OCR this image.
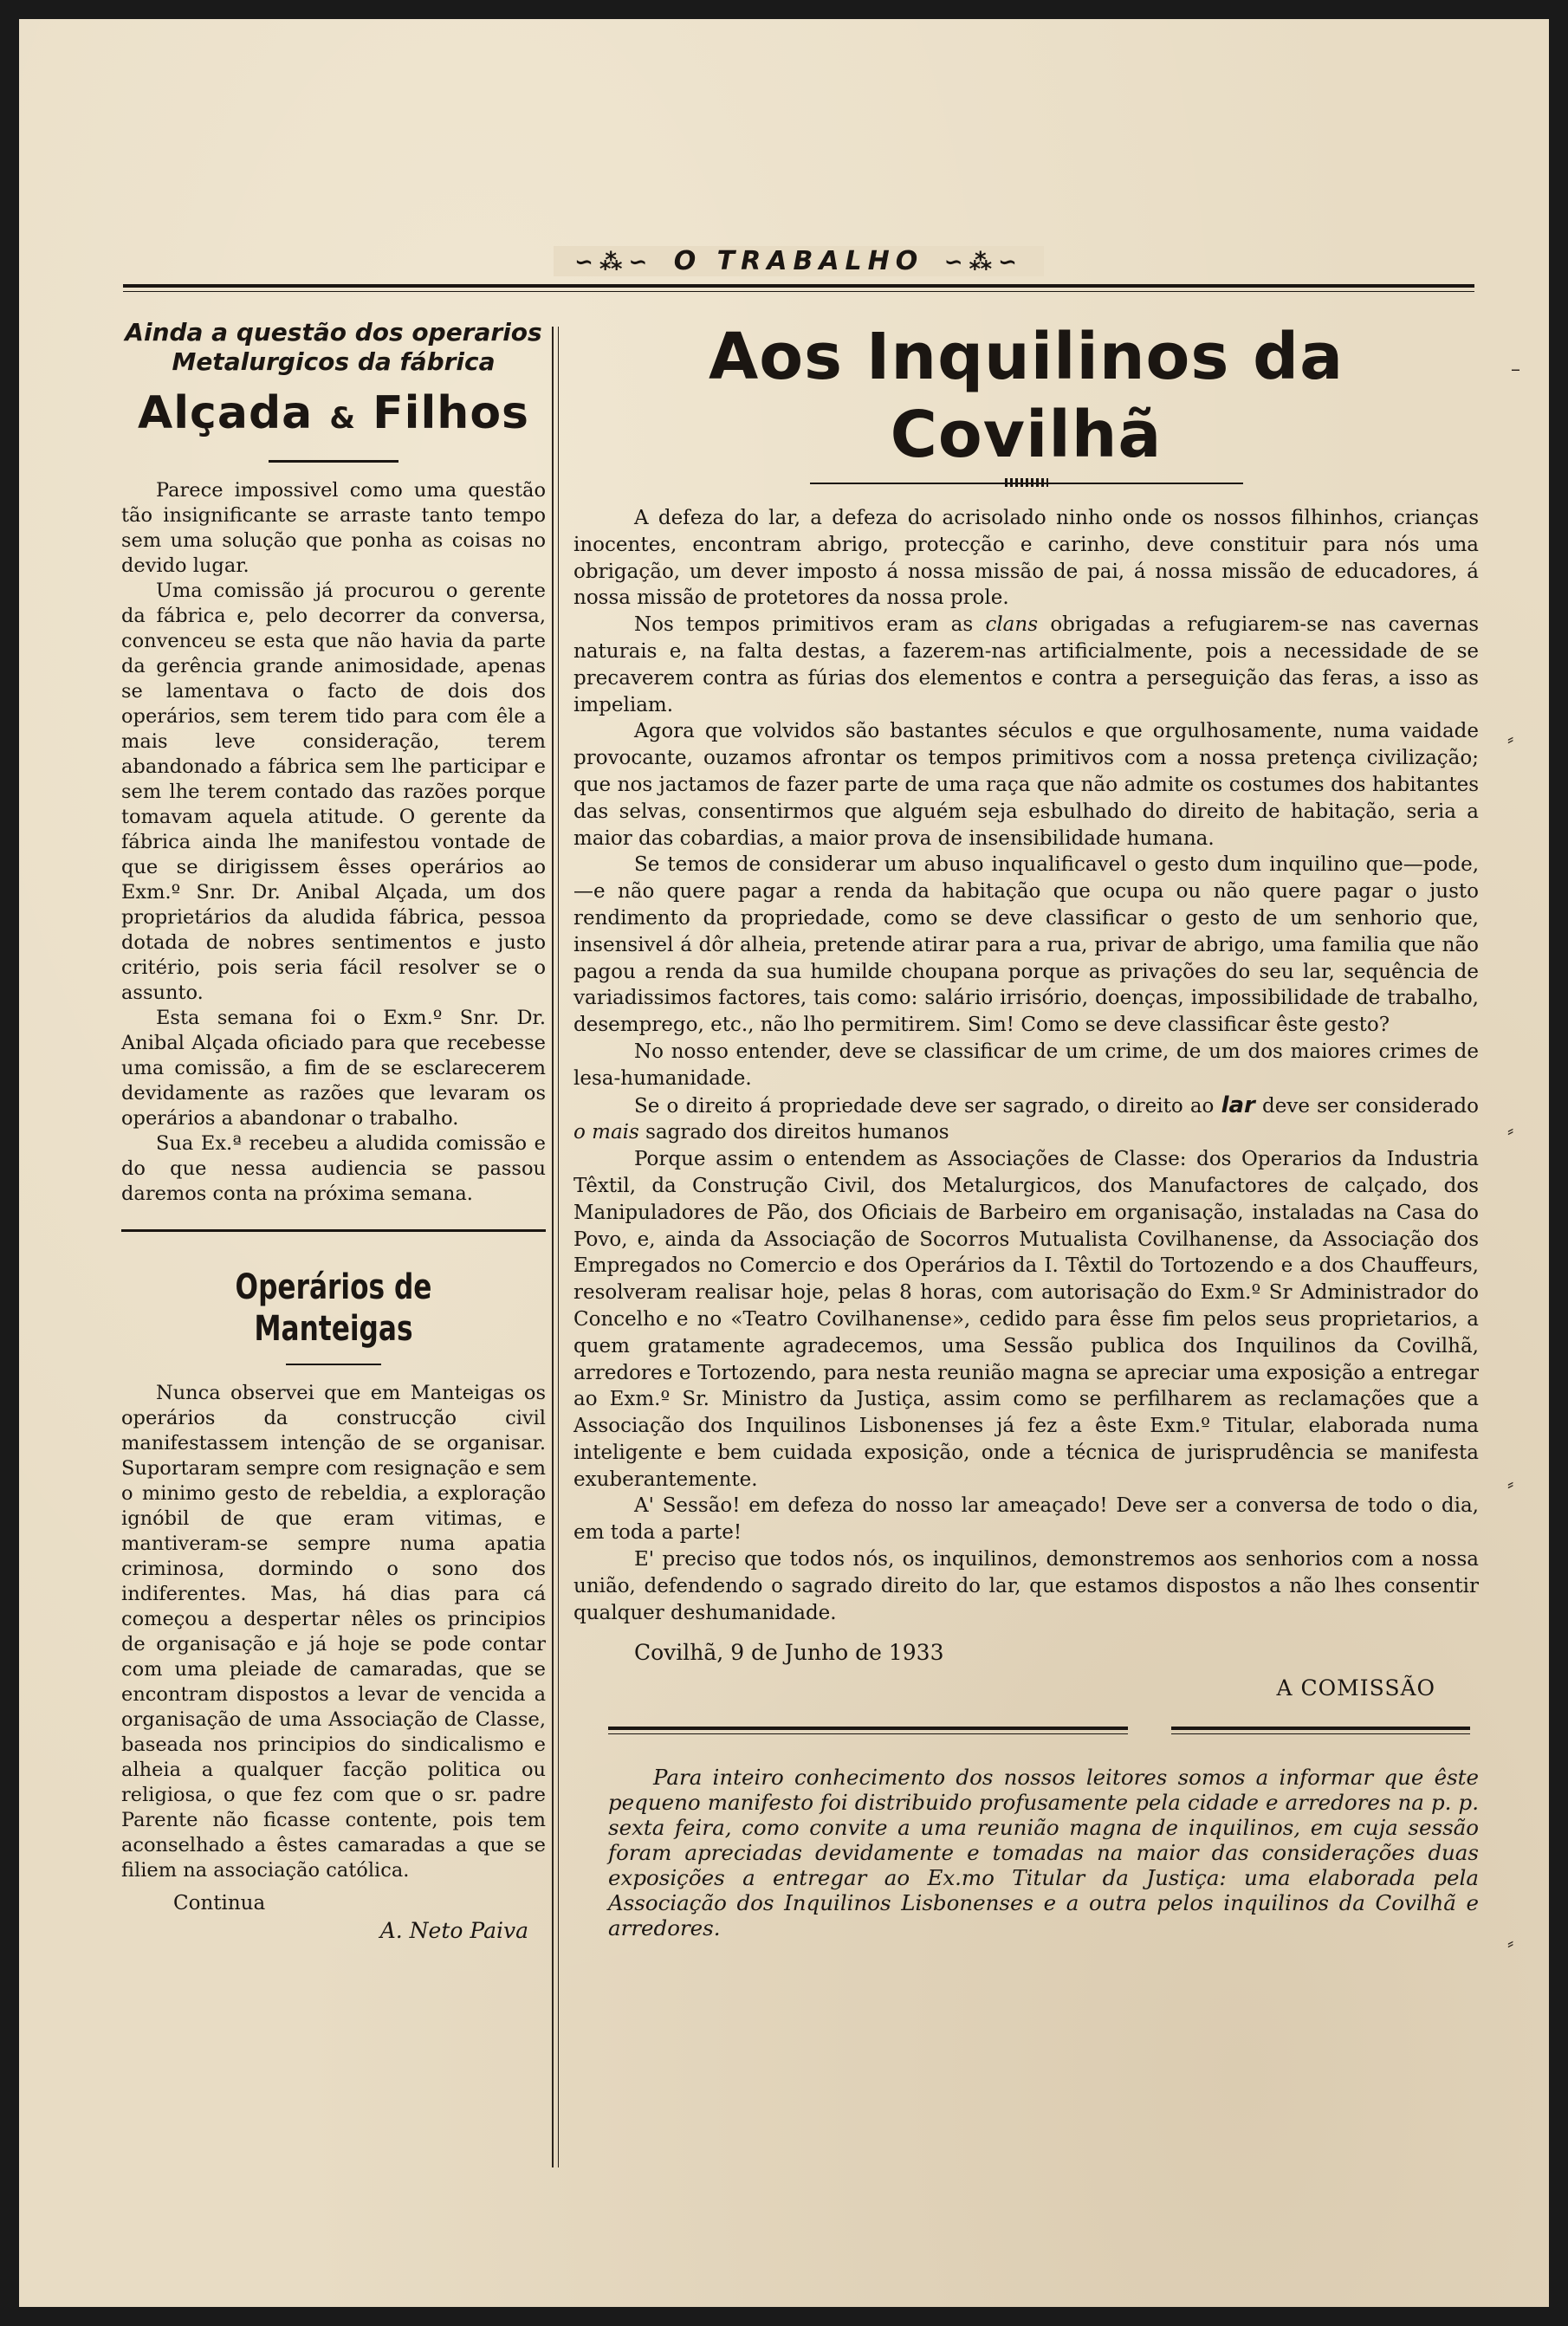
∽⁂∽ O TRABALHO ∽⁂∽

Ainda a questão dos operarios Metalurgicos da fábrica

Alçada & Filhos

Parece impossivel como uma questão tão insignificante se arraste tanto tempo sem uma solução que ponha as coisas no devido lugar.

Uma comissão já procurou o gerente da fábrica e, pelo decorrer da conversa, convenceu se esta que não havia da parte da gerência grande animosidade, apenas se lamentava o facto de dois dos operários, sem terem tido para com êle a mais leve consideração, terem abandonado a fábrica sem lhe participar e sem lhe terem contado das razões porque tomavam aquela atitude. O gerente da fábrica ainda lhe manifestou vontade de que se dirigissem êsses operários ao Exm.º Snr. Dr. Anibal Alçada, um dos proprietários da aludida fábrica, pessoa dotada de nobres sentimentos e justo critério, pois seria fácil resolver se o assunto.

Esta semana foi o Exm.º Snr. Dr. Anibal Alçada oficiado para que recebesse uma comissão, a fim de se esclarecerem devidamente as razões que levaram os operários a abandonar o trabalho.

Sua Ex.ª recebeu a aludida comissão e do que nessa audiencia se passou daremos conta na próxima semana.

Operários de Manteigas

Nunca observei que em Manteigas os operários da construcção civil manifestassem intenção de se organisar. Suportaram sempre com resignação e sem o minimo gesto de rebeldia, a exploração ignóbil de que eram vitimas, e mantiveram-se sempre numa apatia criminosa, dormindo o sono dos indiferentes. Mas, há dias para cá começou a despertar nêles os principios de organisação e já hoje se pode contar com uma pleiade de camaradas, que se encontram dispostos a levar de vencida a organisação de uma Associação de Classe, baseada nos principios do sindicalismo e alheia a qualquer facção politica ou religiosa, o que fez com que o sr. padre Parente não ficasse contente, pois tem aconselhado a êstes camaradas a que se filiem na associação católica.

Continua
A. Neto Paiva
Aos Inquilinos da Covilhã

A defeza do lar, a defeza do acrisolado ninho onde os nossos filhinhos, crianças inocentes, encontram abrigo, protecção e carinho, deve constituir para nós uma obrigação, um dever imposto á nossa missão de pai, á nossa missão de educadores, á nossa missão de protetores da nossa prole.

Nos tempos primitivos eram as clans obrigadas a refugiarem-se nas cavernas naturais e, na falta destas, a fazerem-nas artificialmente, pois a necessidade de se precaverem contra as fúrias dos elementos e contra a perseguição das feras, a isso as impeliam.

Agora que volvidos são bastantes séculos e que orgulhosamente, numa vaidade provocante, ouzamos afrontar os tempos primitivos com a nossa pretença civilização; que nos jactamos de fazer parte de uma raça que não admite os costumes dos habitantes das selvas, consentirmos que alguém seja esbulhado do direito de habitação, seria a maior das cobardias, a maior prova de insensibilidade humana.

Se temos de considerar um abuso inqualificavel o gesto dum inquilino que—pode,—e não quere pagar a renda da habitação que ocupa ou não quere pagar o justo rendimento da propriedade, como se deve classificar o gesto de um senhorio que, insensivel á dôr alheia, pretende atirar para a rua, privar de abrigo, uma familia que não pagou a renda da sua humilde choupana porque as privações do seu lar, sequência de variadissimos factores, tais como: salário irrisório, doenças, impossibilidade de trabalho, desemprego, etc., não lho permitirem. Sim! Como se deve classificar êste gesto?

No nosso entender, deve se classificar de um crime, de um dos maiores crimes de lesa-humanidade.

Se o direito á propriedade deve ser sagrado, o direito ao lar deve ser considerado o mais sagrado dos direitos humanos

Porque assim o entendem as Associações de Classe: dos Operarios da Industria Têxtil, da Construção Civil, dos Metalurgicos, dos Manufactores de calçado, dos Manipuladores de Pão, dos Oficiais de Barbeiro em organisação, instaladas na Casa do Povo, e, ainda da Associação de Socorros Mutualista Covilhanense, da Associação dos Empregados no Comercio e dos Operários da I. Têxtil do Tortozendo e a dos Chauffeurs, resolveram realisar hoje, pelas 8 horas, com autorisação do Exm.º Sr Administrador do Concelho e no «Teatro Covilhanense», cedido para êsse fim pelos seus proprietarios, a quem gratamente agradecemos, uma Sessão publica dos Inquilinos da Covilhã, arredores e Tortozendo, para nesta reunião magna se apreciar uma exposição a entregar ao Exm.º Sr. Ministro da Justiça, assim como se perfilharem as reclamações que a Associação dos Inquilinos Lisbonenses já fez a êste Exm.º Titular, elaborada numa inteligente e bem cuidada exposição, onde a técnica de jurisprudência se manifesta exuberantemente.

A' Sessão! em defeza do nosso lar ameaçado! Deve ser a conversa de todo o dia, em toda a parte!

E' preciso que todos nós, os inquilinos, demonstremos aos senhorios com a nossa união, defendendo o sagrado direito do lar, que estamos dispostos a não lhes consentir qualquer deshumanidade.

Covilhã, 9 de Junho de 1933
A COMISSÃO

Para inteiro conhecimento dos nossos leitores somos a informar que êste pequeno manifesto foi distribuido profusamente pela cidade e arredores na p. p. sexta feira, como convite a uma reunião magna de inquilinos, em cuja sessão foram apreciadas devidamente e tomadas na maior das considerações duas exposições a entregar ao Ex.mo Titular da Justiça: uma elaborada pela Associação dos Inquilinos Lisbonenses e a outra pelos inquilinos da Covilhã e arredores.

–
⸗
⸗
⸗
⸗
